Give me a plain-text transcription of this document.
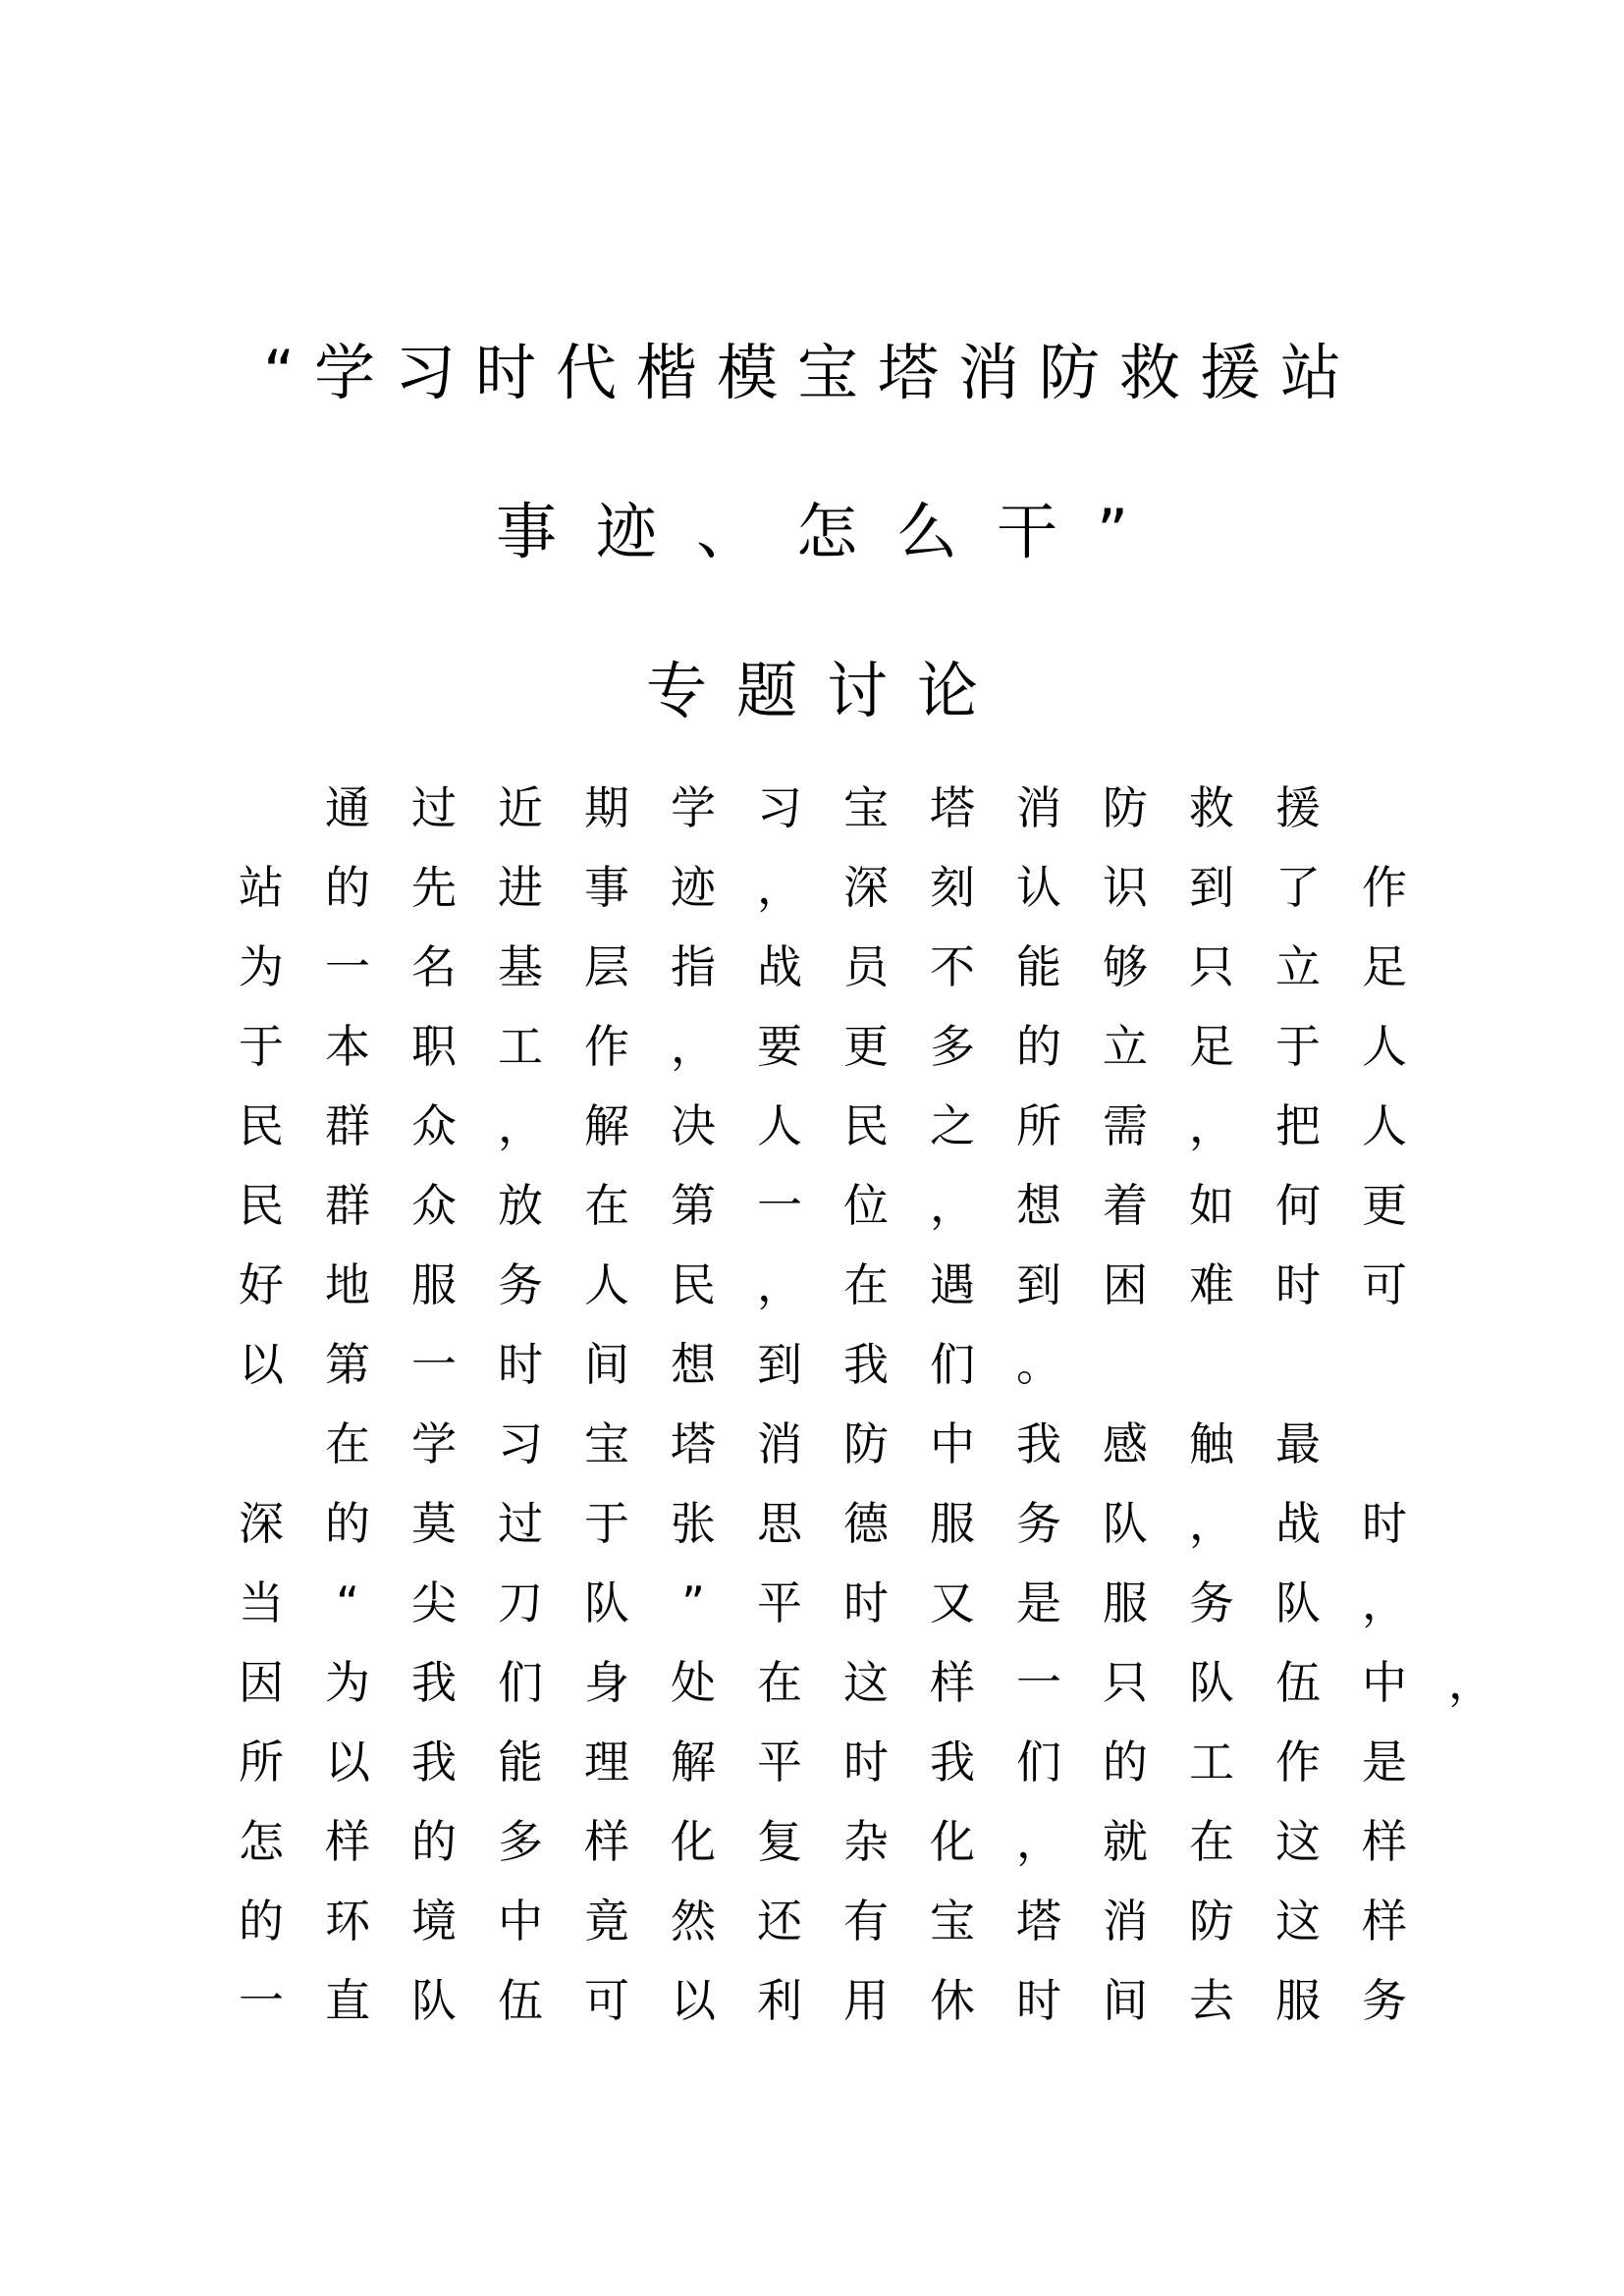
“学习时代楷模宝塔消防救援站
事迹、怎么干”
专题讨论
通 过 近 期 学 习 宝 塔 消 防 救 援
站 的 先 进 事 迹 ， 深 刻 认 识 到 了 作
为 一 名 基 层 指 战 员 不 能 够 只 立 足
于 本 职 工 作 ， 要 更 多 的 立 足 于 人
民 群 众 ， 解 决 人 民 之 所 需 ， 把 人
民 群 众 放 在 第 一 位 ， 想 着 如 何 更
好 地 服 务 人 民 ， 在 遇 到 困 难 时 可
以 第 一 时 间 想 到 我 们 。
在 学 习 宝 塔 消 防 中 我 感 触 最
深 的 莫 过 于 张 思 德 服 务 队 ， 战 时
当 “ 尖 刀 队 ” 平 时 又 是 服 务 队 ，
因 为 我 们 身 处 在 这 样 一 只 队 伍 中 ，
所 以 我 能 理 解 平 时 我 们 的 工 作 是
怎 样 的 多 样 化 复 杂 化 ， 就 在 这 样
的 环 境 中 竟 然 还 有 宝 塔 消 防 这 样
一 直 队 伍 可 以 利 用 休 时 间 去 服 务
